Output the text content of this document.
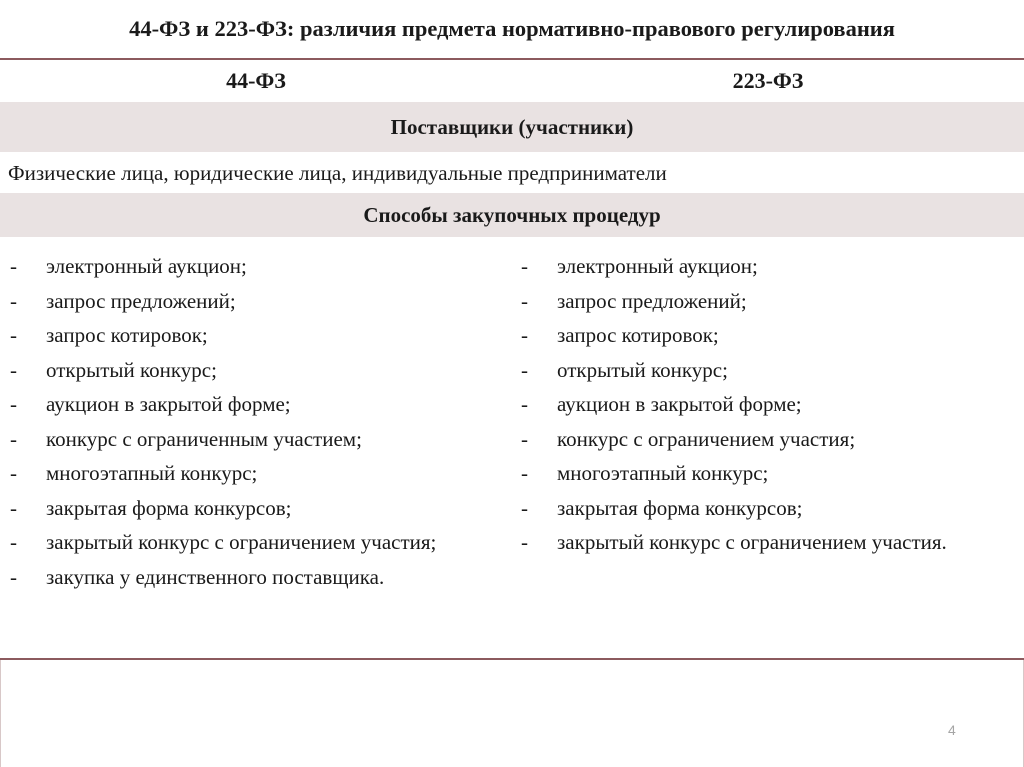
44-ФЗ и 223-ФЗ: различия предмета нормативно-правового регулирования
44-ФЗ	223-ФЗ
Поставщики (участники)
Физические лица, юридические лица, индивидуальные предприниматели
Способы закупочных процедур
- электронный аукцион;
- запрос предложений;
- запрос котировок;
- открытый конкурс;
- аукцион в закрытой форме;
- конкурс с ограниченным участием;
- многоэтапный конкурс;
- закрытая форма конкурсов;
- закрытый конкурс с ограничением участия;
- закупка у единственного поставщика.
- электронный аукцион;
- запрос предложений;
- запрос котировок;
- открытый конкурс;
- аукцион в закрытой форме;
- конкурс с ограничением участия;
- многоэтапный конкурс;
- закрытая форма конкурсов;
- закрытый конкурс с ограничением участия.
4
